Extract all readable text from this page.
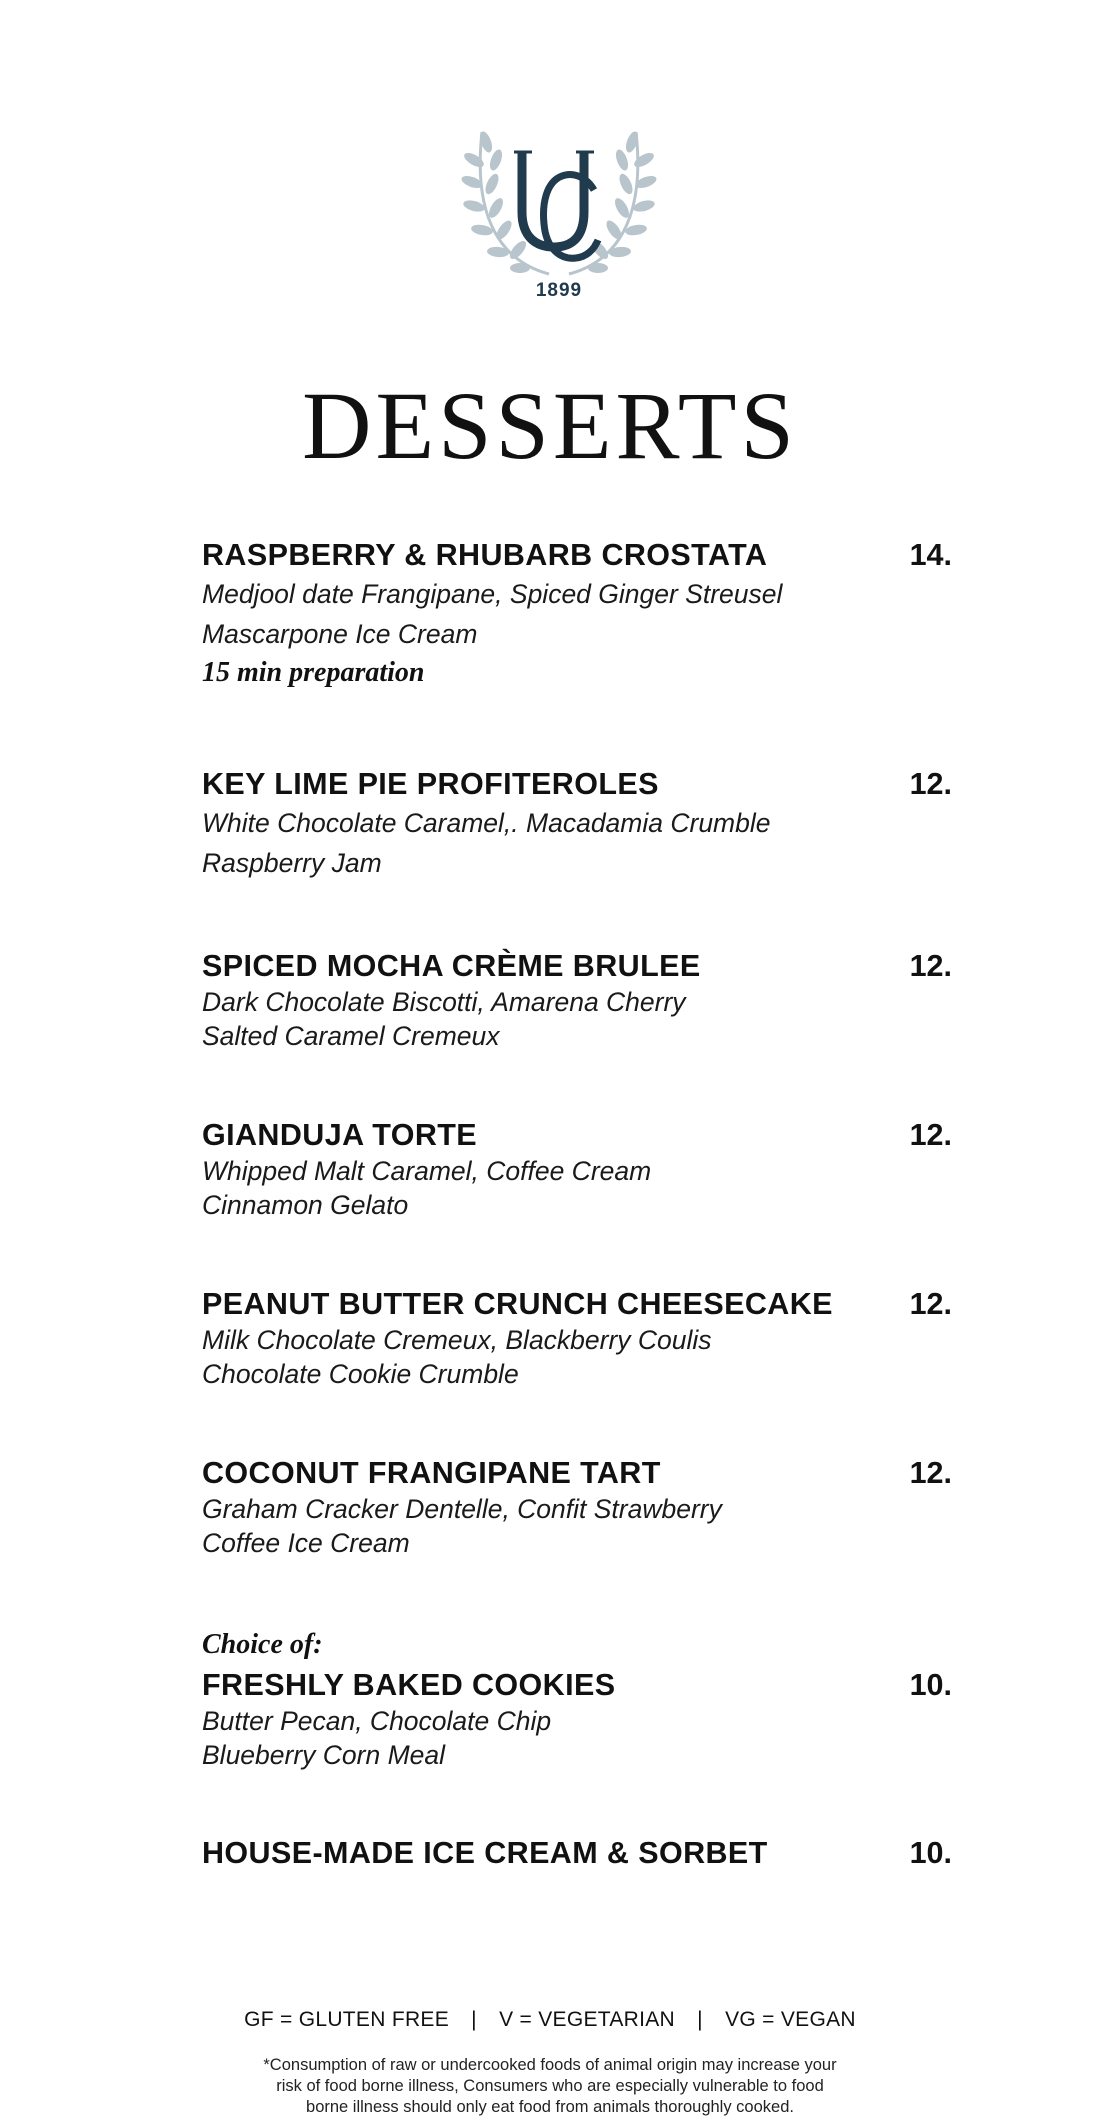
1899
DESSERTS
RASPBERRY & RHUBARB CROSTATA	14.
Medjool date Frangipane, Spiced Ginger Streusel
Mascarpone Ice Cream
15 min preparation
KEY LIME PIE PROFITEROLES	12.
White Chocolate Caramel,. Macadamia Crumble
Raspberry Jam
SPICED MOCHA CRÈME BRULEE	12.
Dark Chocolate Biscotti, Amarena Cherry
Salted Caramel Cremeux
GIANDUJA TORTE	12.
Whipped Malt Caramel, Coffee Cream
Cinnamon Gelato
PEANUT BUTTER CRUNCH CHEESECAKE	12.
Milk Chocolate Cremeux, Blackberry Coulis
Chocolate Cookie Crumble
COCONUT FRANGIPANE TART	12.
Graham Cracker Dentelle, Confit Strawberry
Coffee Ice Cream
Choice of:
FRESHLY BAKED COOKIES	10.
Butter Pecan, Chocolate Chip
Blueberry Corn Meal
HOUSE-MADE ICE CREAM & SORBET	10.
GF = GLUTEN FREE | V = VEGETARIAN | VG = VEGAN
*Consumption of raw or undercooked foods of animal origin may increase your
risk of food borne illness, Consumers who are especially vulnerable to food
borne illness should only eat food from animals thoroughly cooked.
